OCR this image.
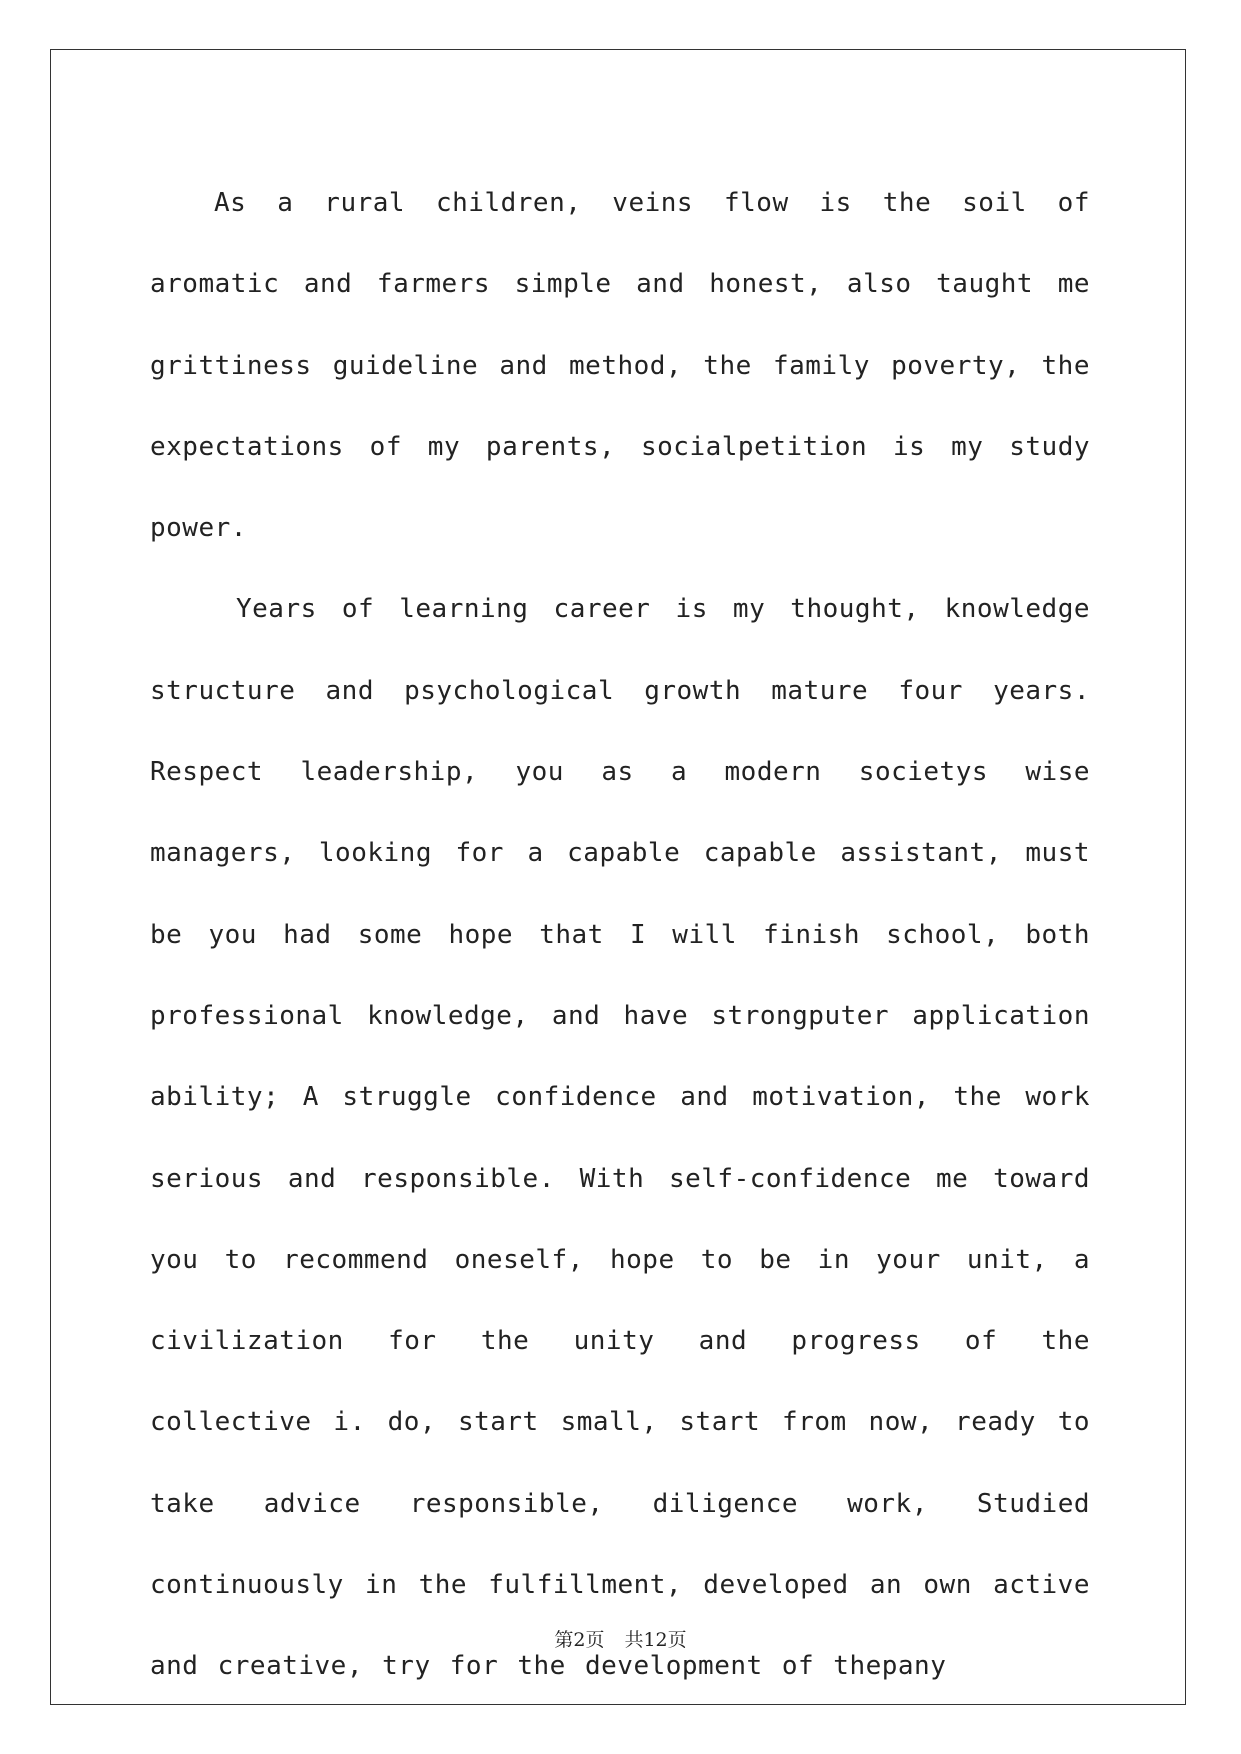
As a rural children, veins flow is the soil of aromatic and farmers simple and honest, also taught me grittiness guideline and method, the family poverty, the expectations of my parents, socialpetition is my study power.

Years of learning career is my thought, knowledge structure and psychological growth mature four years. Respect leadership, you as a modern societys wise managers, looking for a capable capable assistant, must be you had some hope that I will finish school, both professional knowledge, and have strongputer application ability; A struggle confidence and motivation, the work serious and responsible. With self-confidence me toward you to recommend oneself, hope to be in your unit, a civilization for the unity and progress of the collective i. do, start small, start from now, ready to take advice responsible, diligence work, Studied continuously in the fulfillment, developed an own active and creative, try for the development of thepany

第2页 共12页
